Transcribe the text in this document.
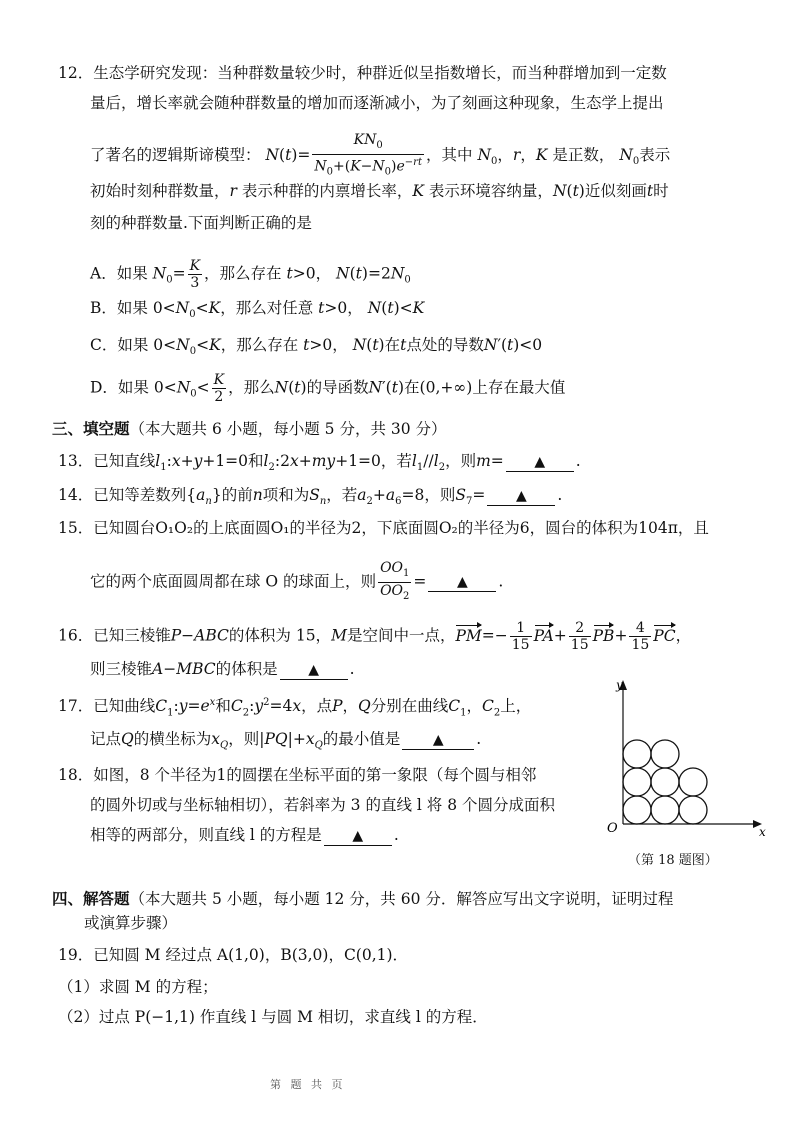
12．生态学研究发现：当种群数量较少时，种群近似呈指数增长，而当种群增加到一定数
量后，增长率就会随种群数量的增加而逐渐减小，为了刻画这种现象，生态学上提出
了著名的逻辑斯谛模型： $N(t)= \frac{KN_0}{N_0+(K-N_0)e^{-rt}}$ ，其中 $N_0$，r，K 是正数， $N_0$表示
初始时刻种群数量，r 表示种群的内禀增长率，K 表示环境容纳量，N(t)近似刻画t时
刻的种群数量.下面判断正确的是
A．如果 $N_0= \frac{K}{3}$ ，那么存在 t>0， $N(t)=2N_0$
B．如果 $0<N_0<K$，那么对任意 t>0， N(t)<K
C．如果 $0<N_0<K$，那么存在 t>0， N(t)在t点处的导数N′(t)<0
D．如果 $0<N_0< \frac{K}{2}$ ，那么N(t)的导函数N′(t)在(0,+∞)上存在最大值
三、填空题（本大题共 6 小题，每小题 5 分，共 30 分）
13．已知直线$l_1:x+y+1=0$和$l_2:2x+my+1=0$，若$l_1//l_2$，则m= ▲ .
14．已知等差数列$\{a_n\}$的前n项和为$S_n$，若$a_2+a_6=8$，则$S_7=$ ▲ .
15．已知圆台O₁O₂的上底面圆O₁的半径为2，下底面圆O₂的半径为6，圆台的体积为104π，且
它的两个底面圆周都在球 O 的球面上，则 $\frac{OO_1}{OO_2}$ = ▲ .
16．已知三棱锥P−ABC的体积为 15，M是空间中一点，$PM=- \frac{1}{15} PA+ \frac{2}{15} PB+ \frac{4}{15}$ PC，
则三棱锥A−MBC的体积是 ▲ .
17．已知曲线$C_1:y=e^x$和$C_2:y^2=4x$，点P，Q分别在曲线$C_1$，$C_2$上，
记点Q的横坐标为$x_Q$，则$|PQ|+x_Q$的最小值是 ▲ .
18．如图，8 个半径为1的圆摆在坐标平面的第一象限（每个圆与相邻
的圆外切或与坐标轴相切），若斜率为 3 的直线 l 将 8 个圆分成面积
相等的两部分，则直线 l 的方程是 ▲ .
y
x
O
（第 18 题图）
四、解答题（本大题共 5 小题，每小题 12 分，共 60 分．解答应写出文字说明，证明过程
或演算步骤）
19．已知圆 M 经过点 A(1,0)，B(3,0)，C(0,1)．
（1）求圆 M 的方程；
（2）过点 P(−1,1) 作直线 l 与圆 M 相切，求直线 l 的方程．
第 题 共 页
